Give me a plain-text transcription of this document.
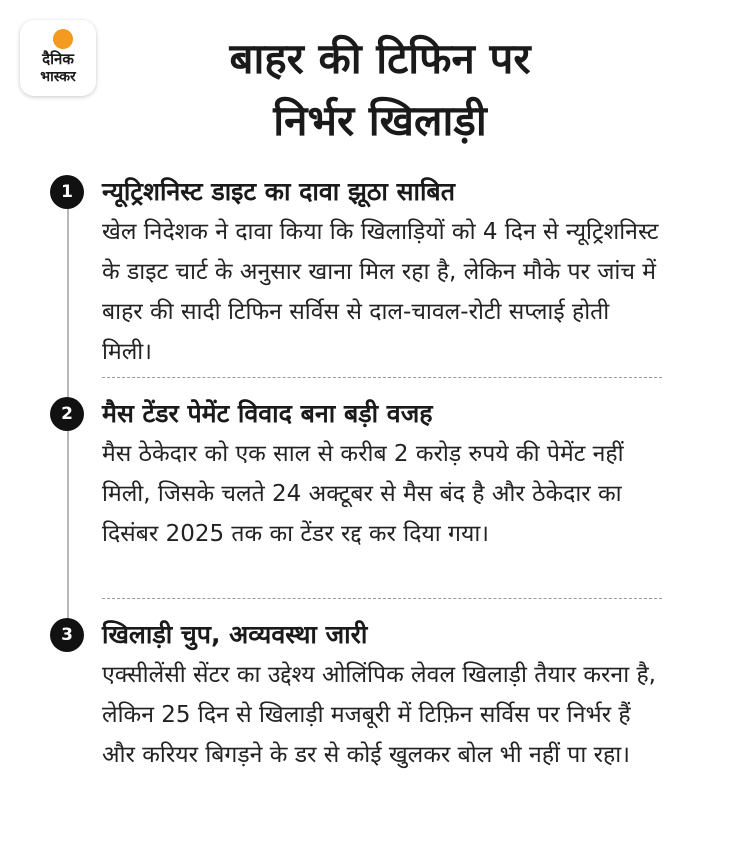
दैनिक
भास्कर	बाहर की टिफिन पर
निर्भर खिलाड़ी
1	न्यूट्रिशनिस्ट डाइट का दावा झूठा साबित
खेल निदेशक ने दावा किया कि खिलाड़ियों को 4 दिन से न्यूट्रिशनिस्ट के डाइट चार्ट के अनुसार खाना मिल रहा है, लेकिन मौके पर जांच में बाहर की सादी टिफिन सर्विस से दाल-चावल-रोटी सप्लाई होती मिली।
2	मैस टेंडर पेमेंट विवाद बना बड़ी वजह
मैस ठेकेदार को एक साल से करीब 2 करोड़ रुपये की पेमेंट नहीं मिली, जिसके चलते 24 अक्टूबर से मैस बंद है और ठेकेदार का दिसंबर 2025 तक का टेंडर रद्द कर दिया गया।
3	खिलाड़ी चुप, अव्यवस्था जारी
एक्सीलेंसी सेंटर का उद्देश्य ओलिंपिक लेवल खिलाड़ी तैयार करना है, लेकिन 25 दिन से खिलाड़ी मजबूरी में टिफ़िन सर्विस पर निर्भर हैं और करियर बिगड़ने के डर से कोई खुलकर बोल भी नहीं पा रहा।
